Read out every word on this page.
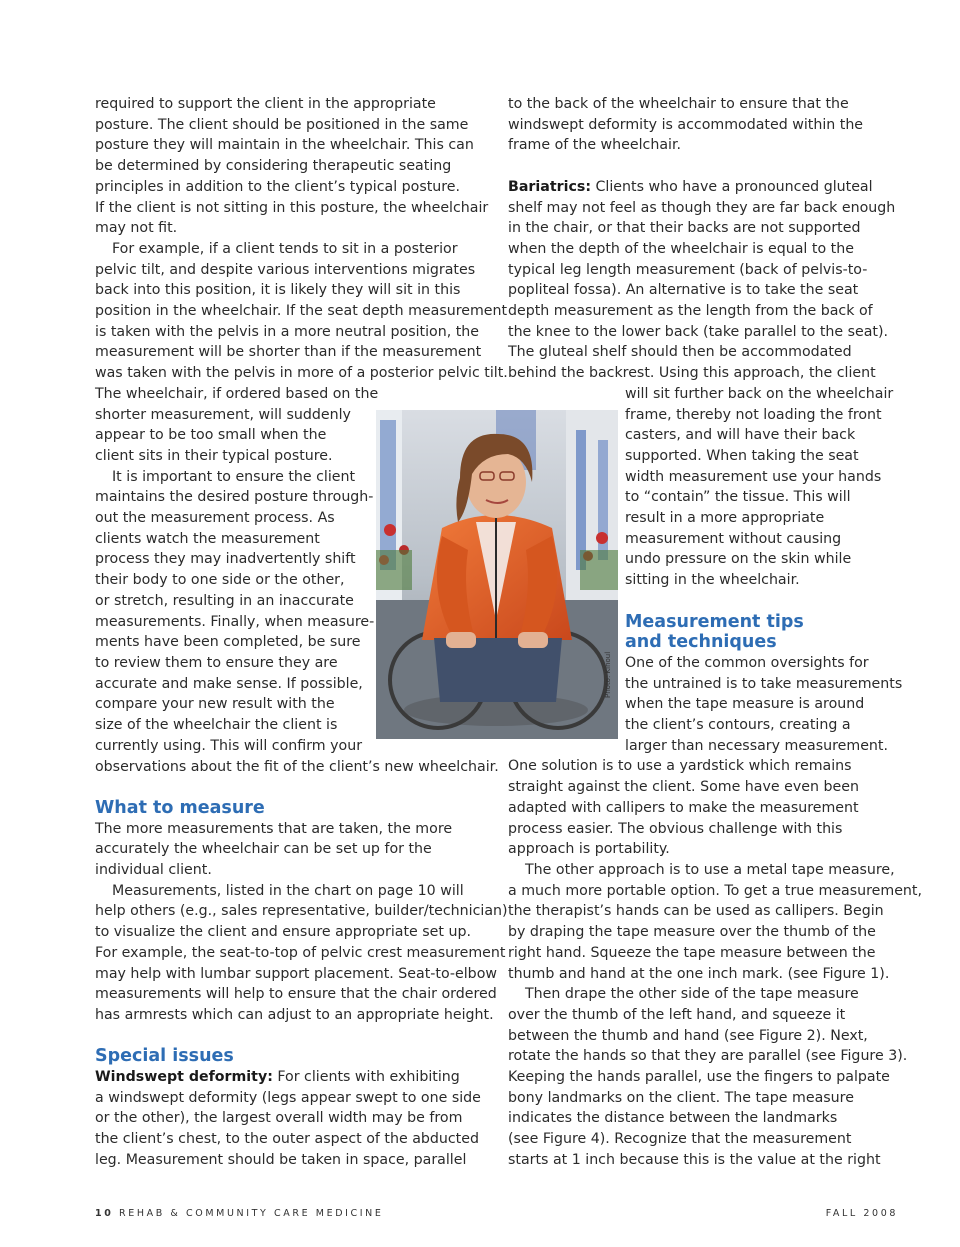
required to support the client in the appropriate

posture. The client should be positioned in the same

posture they will maintain in the wheelchair. This can

be determined by considering therapeutic seating

principles in addition to the client’s typical posture.

If the client is not sitting in this posture, the wheelchair

may not fit.

For example, if a client tends to sit in a posterior

pelvic tilt, and despite various interventions migrates

back into this position, it is likely they will sit in this

position in the wheelchair. If the seat depth measurement

is taken with the pelvis in a more neutral position, the

measurement will be shorter than if the measurement

was taken with the pelvis in more of a posterior pelvic tilt.

The wheelchair, if ordered based on the

shorter measurement, will suddenly

appear to be too small when the

client sits in their typical posture.

It is important to ensure the client

maintains the desired posture through-

out the measurement process. As

clients watch the measurement

process they may inadvertently shift

their body to one side or the other,

or stretch, resulting in an inaccurate

measurements. Finally, when measure-

ments have been completed, be sure

to review them to ensure they are

accurate and make sense. If possible,

compare your new result with the

size of the wheelchair the client is

currently using. This will confirm your

observations about the fit of the client’s new wheelchair.

What to measure

The more measurements that are taken, the more

accurately the wheelchair can be set up for the

individual client.

Measurements, listed in the chart on page 10 will

help others (e.g., sales representative, builder/technician)

to visualize the client and ensure appropriate set up.

For example, the seat-to-top of pelvic crest measurement

may help with lumbar support placement. Seat-to-elbow

measurements will help to ensure that the chair ordered

has armrests which can adjust to an appropriate height.

Special issues

Windswept deformity: For clients with exhibiting

a windswept deformity (legs appear swept to one side

or the other), the largest overall width may be from

the client’s chest, to the outer aspect of the abducted

leg. Measurement should be taken in space, parallel

to the back of the wheelchair to ensure that the

windswept deformity is accommodated within the

frame of the wheelchair.

Bariatrics: Clients who have a pronounced gluteal

shelf may not feel as though they are far back enough

in the chair, or that their backs are not supported

when the depth of the wheelchair is equal to the

typical leg length measurement (back of pelvis-to-

popliteal fossa). An alternative is to take the seat

depth measurement as the length from the back of

the knee to the lower back (take parallel to the seat).

The gluteal shelf should then be accommodated

behind the backrest. Using this approach, the client

will sit further back on the wheelchair

frame, thereby not loading the front

casters, and will have their back

supported. When taking the seat

width measurement use your hands

to “contain” the tissue. This will

result in a more appropriate

measurement without causing

undo pressure on the skin while

sitting in the wheelchair.

Measurement tips
and techniques

One of the common oversights for

the untrained is to take measurements

when the tape measure is around

the client’s contours, creating a

larger than necessary measurement.

One solution is to use a yardstick which remains

straight against the client. Some have even been

adapted with callipers to make the measurement

process easier. The obvious challenge with this

approach is portability.

The other approach is to use a metal tape measure,

a much more portable option. To get a true measurement,

the therapist’s hands can be used as callipers. Begin

by draping the tape measure over the thumb of the

right hand. Squeeze the tape measure between the

thumb and hand at the one inch mark. (see Figure 1).

Then drape the other side of the tape measure

over the thumb of the left hand, and squeeze it

between the thumb and hand (see Figure 2). Next,

rotate the hands so that they are parallel (see Figure 3).

Keeping the hands parallel, use the fingers to palpate

bony landmarks on the client. The tape measure

indicates the distance between the landmarks

(see Figure 4). Recognize that the measurement

starts at 1 inch because this is the value at the right

Photo: Kinoul
10 REHAB & COMMUNITY CARE MEDICINE	FALL 2008
